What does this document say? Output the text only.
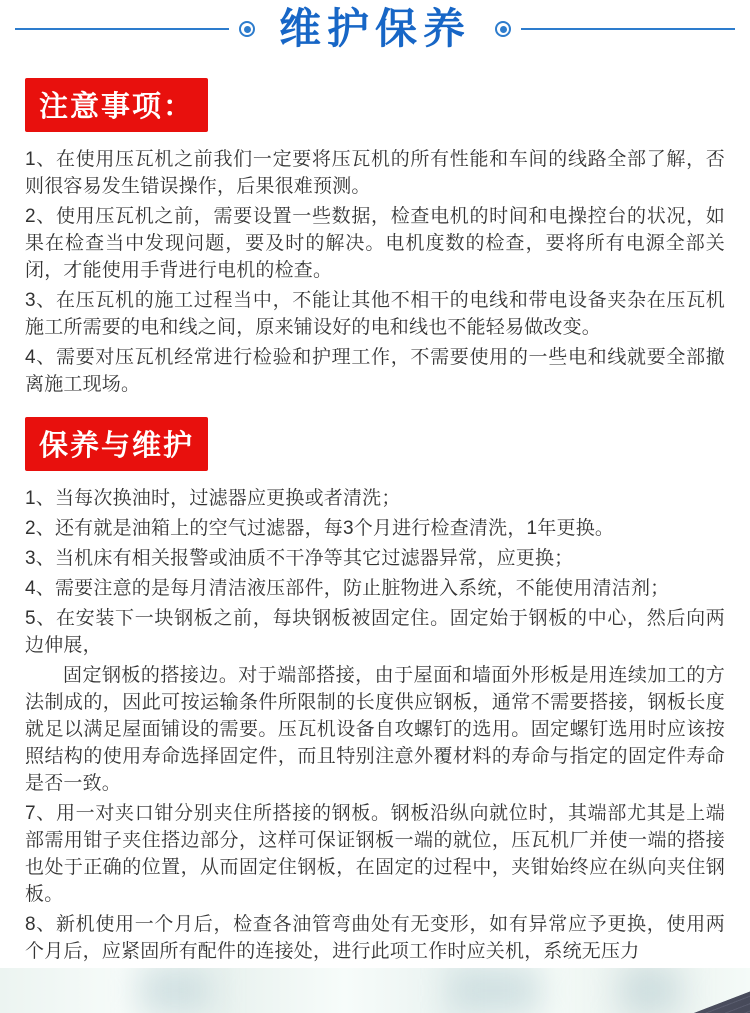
维护保养
注意事项：

1、在使用压瓦机之前我们一定要将压瓦机的所有性能和车间的线路全部了解，否则很容易发生错误操作，后果很难预测。

2、使用压瓦机之前，需要设置一些数据，检查电机的时间和电操控台的状况，如果在检查当中发现问题，要及时的解决。电机度数的检查，要将所有电源全部关闭，才能使用手背进行电机的检查。

3、在压瓦机的施工过程当中，不能让其他不相干的电线和带电设备夹杂在压瓦机施工所需要的电和线之间，原来铺设好的电和线也不能轻易做改变。

4、需要对压瓦机经常进行检验和护理工作，不需要使用的一些电和线就要全部撤离施工现场。

保养与维护

1、当每次换油时，过滤器应更换或者清洗；

2、还有就是油箱上的空气过滤器，每3个月进行检查清洗，1年更换。

3、当机床有相关报警或油质不干净等其它过滤器异常，应更换；

4、需要注意的是每月清洁液压部件，防止脏物进入系统，不能使用清洁剂；

5、在安装下一块钢板之前，每块钢板被固定住。固定始于钢板的中心，然后向两边伸展，

固定钢板的搭接边。对于端部搭接，由于屋面和墙面外形板是用连续加工的方法制成的，因此可按运输条件所限制的长度供应钢板，通常不需要搭接，钢板长度就足以满足屋面铺设的需要。压瓦机设备自攻螺钉的选用。固定螺钉选用时应该按照结构的使用寿命选择固定件，而且特别注意外覆材料的寿命与指定的固定件寿命是否一致。

7、用一对夹口钳分别夹住所搭接的钢板。钢板沿纵向就位时，其端部尤其是上端部需用钳子夹住搭边部分，这样可保证钢板一端的就位，压瓦机厂并使一端的搭接也处于正确的位置，从而固定住钢板，在固定的过程中，夹钳始终应在纵向夹住钢板。

8、新机使用一个月后，检查各油管弯曲处有无变形，如有异常应予更换，使用两个月后，应紧固所有配件的连接处，进行此项工作时应关机，系统无压力
